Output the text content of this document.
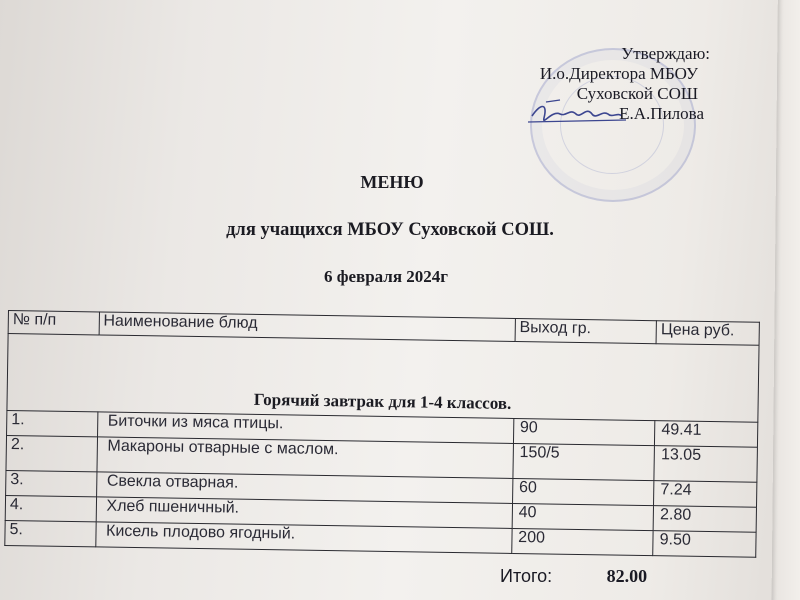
Утверждаю:
И.о.Директора МБОУ
Суховской СОШ
Е.А.Пилова
МЕНЮ
для учащихся МБОУ Суховской СОШ.
6 февраля 2024г
№ п/п	Наименование блюд	Выход гр.	Цена руб.
Горячий завтрак для 1-4 классов.			
1.	Биточки из мяса птицы.	90	49.41
2.	Макароны отварные с маслом.	150/5	13.05
3.	Свекла отварная.	60	7.24
4.	Хлеб пшеничный.	40	2.80
5.	Кисель плодово ягодный.	200	9.50
Итого:	82.00
